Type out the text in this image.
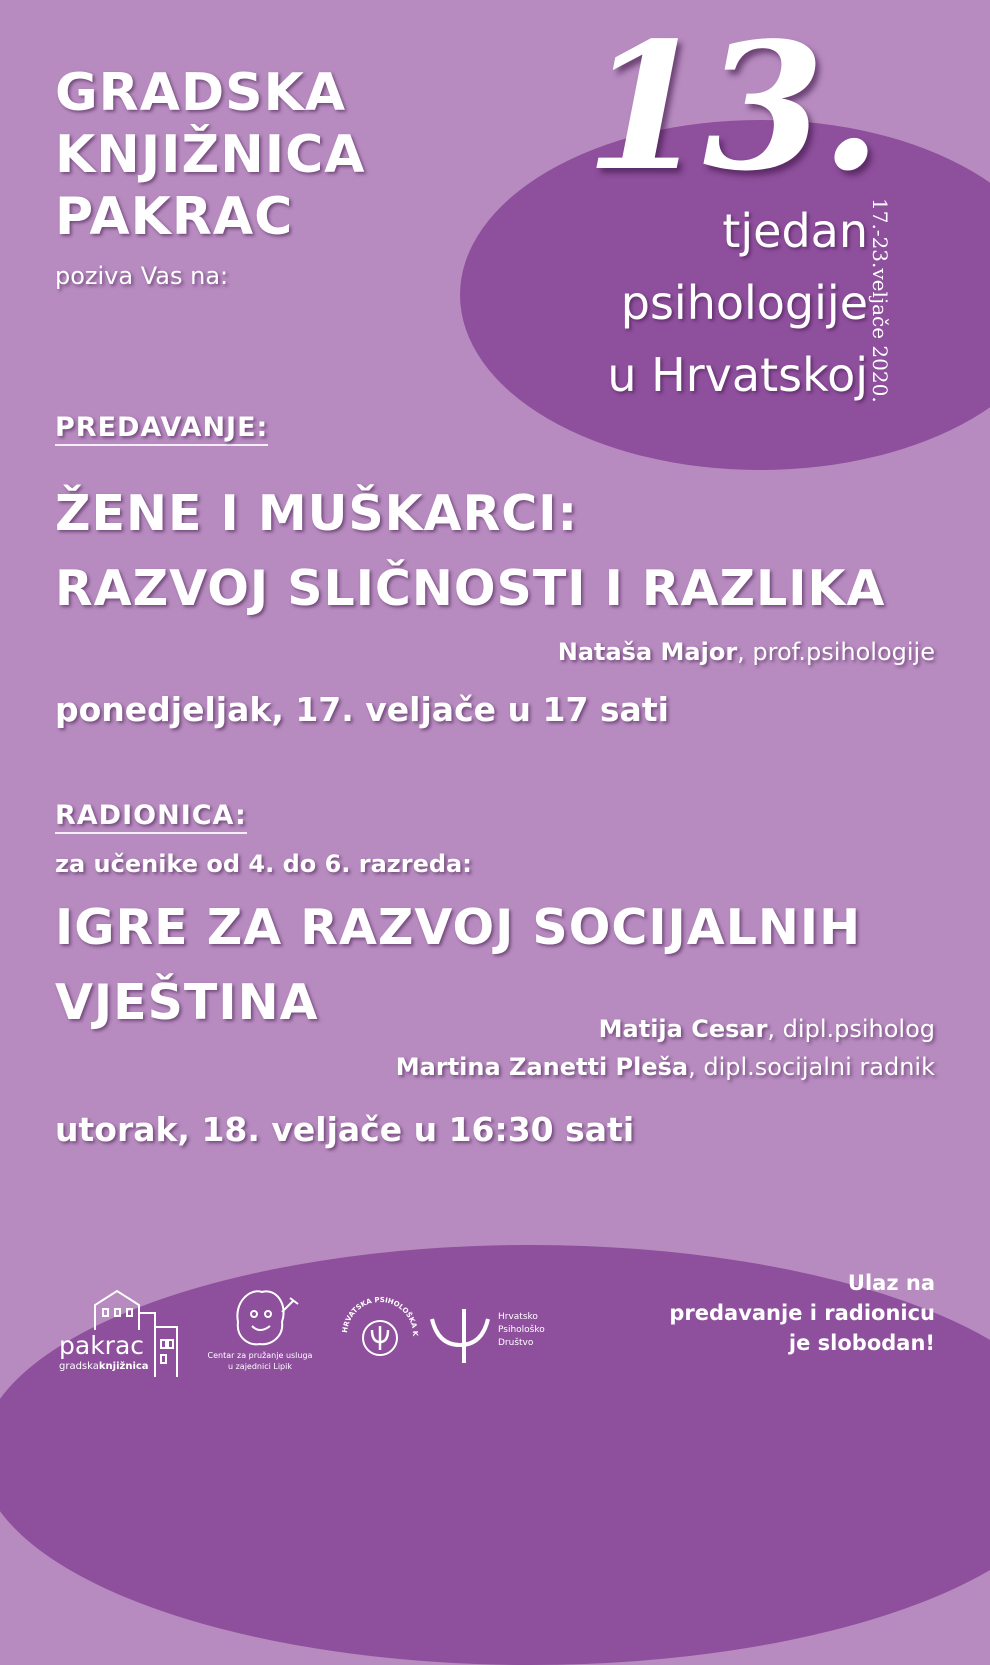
GRADSKA
KNJIŽNICA
PAKRAC
poziva Vas na:
13.
tjedan
psihologije
u Hrvatskoj 17.-23.veljače 2020.
PREDAVANJE:
ŽENE I MUŠKARCI:
RAZVOJ SLIČNOSTI I RAZLIKA
Nataša Major, prof.psihologije
ponedjeljak, 17. veljače u 17 sati
RADIONICA:
za učenike od 4. do 6. razreda:
IGRE ZA RAZVOJ SOCIJALNIH
VJEŠTINA	Matija Cesar, dipl.psiholog
Martina Zanetti Pleša, dipl.socijalni radnik
utorak, 18. veljače u 16:30 sati
Ulaz na
predavanje i radionicu
je slobodan!
pakrac
gradskaknjižnica
Centar za pružanje usluga
u zajednici Lipik
HRVATSKA PSIHOLOŠKA K
Hrvatsko
Psihološko
Društvo
